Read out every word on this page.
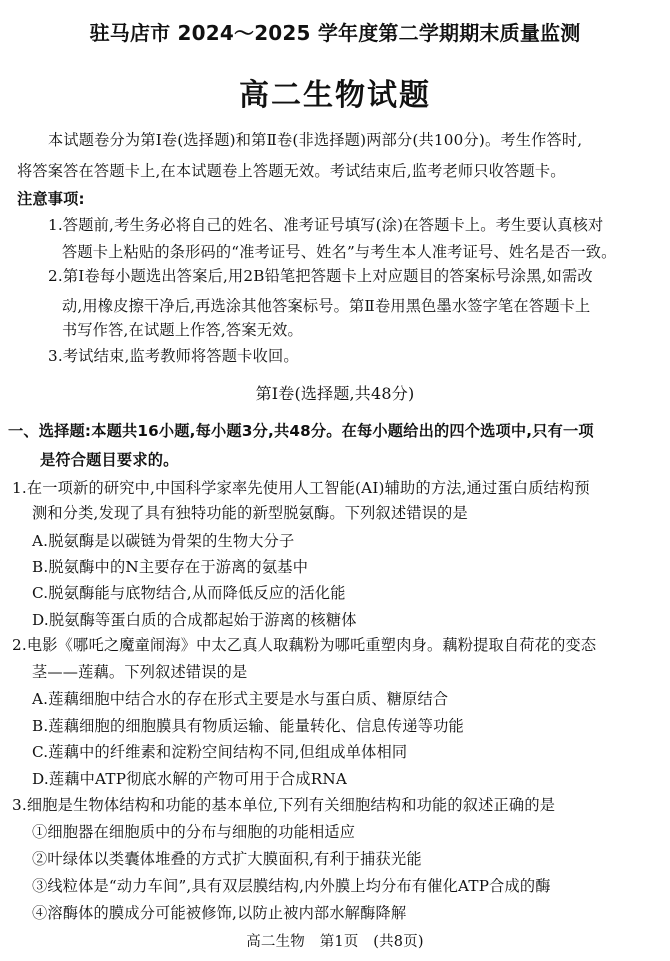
驻马店市 2024～2025 学年度第二学期期末质量监测
高二生物试题
本试题卷分为第Ⅰ卷(选择题)和第Ⅱ卷(非选择题)两部分(共100分)。考生作答时,
将答案答在答题卡上,在本试题卷上答题无效。考试结束后,监考老师只收答题卡。
注意事项:
1.答题前,考生务必将自己的姓名、准考证号填写(涂)在答题卡上。考生要认真核对
答题卡上粘贴的条形码的“准考证号、姓名”与考生本人准考证号、姓名是否一致。
2.第Ⅰ卷每小题选出答案后,用2B铅笔把答题卡上对应题目的答案标号涂黑,如需改
动,用橡皮擦干净后,再选涂其他答案标号。第Ⅱ卷用黑色墨水签字笔在答题卡上
书写作答,在试题上作答,答案无效。
3.考试结束,监考教师将答题卡收回。
第Ⅰ卷(选择题,共48分)
一、选择题:本题共16小题,每小题3分,共48分。在每小题给出的四个选项中,只有一项
是符合题目要求的。
1.在一项新的研究中,中国科学家率先使用人工智能(AI)辅助的方法,通过蛋白质结构预
测和分类,发现了具有独特功能的新型脱氨酶。下列叙述错误的是
A.脱氨酶是以碳链为骨架的生物大分子
B.脱氨酶中的N主要存在于游离的氨基中
C.脱氨酶能与底物结合,从而降低反应的活化能
D.脱氨酶等蛋白质的合成都起始于游离的核糖体
2.电影《哪吒之魔童闹海》中太乙真人取藕粉为哪吒重塑肉身。藕粉提取自荷花的变态
茎——莲藕。下列叙述错误的是
A.莲藕细胞中结合水的存在形式主要是水与蛋白质、糖原结合
B.莲藕细胞的细胞膜具有物质运输、能量转化、信息传递等功能
C.莲藕中的纤维素和淀粉空间结构不同,但组成单体相同
D.莲藕中ATP彻底水解的产物可用于合成RNA
3.细胞是生物体结构和功能的基本单位,下列有关细胞结构和功能的叙述正确的是
①细胞器在细胞质中的分布与细胞的功能相适应
②叶绿体以类囊体堆叠的方式扩大膜面积,有利于捕获光能
③线粒体是“动力车间”,具有双层膜结构,内外膜上均分布有催化ATP合成的酶
④溶酶体的膜成分可能被修饰,以防止被内部水解酶降解
高二生物　第1页　(共8页)
